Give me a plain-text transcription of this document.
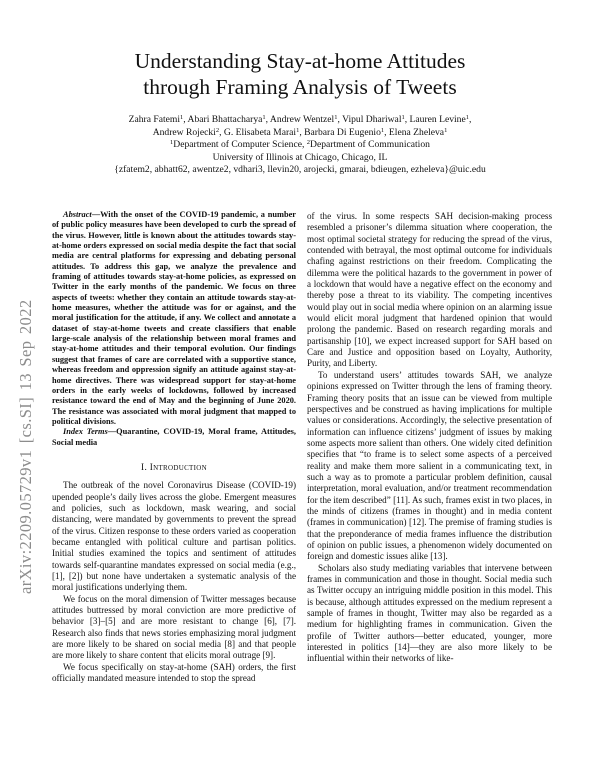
Understanding Stay-at-home Attitudes
through Framing Analysis of Tweets
Zahra Fatemi$^1$, Abari Bhattacharya$^1$, Andrew Wentzel$^1$, Vipul Dhariwal$^1$, Lauren Levine$^1$,
Andrew Rojecki$^2$, G. Elisabeta Marai$^1$, Barbara Di Eugenio$^1$, Elena Zheleva$^1$
$^1$Department of Computer Science, $^2$Department of Communication
University of Illinois at Chicago, Chicago, IL
{zfatem2, abhatt62, awentze2, vdhari3, llevin20, arojecki, gmarai, bdieugen, ezheleva}@uic.edu
arXiv:2209.05729v1 [cs.SI] 13 Sep 2022

Abstract—With the onset of the COVID-19 pandemic, a number of public policy measures have been developed to curb the spread of the virus. However, little is known about the attitudes towards stay-at-home orders expressed on social media despite the fact that social media are central platforms for expressing and debating personal attitudes. To address this gap, we analyze the prevalence and framing of attitudes towards stay-at-home policies, as expressed on Twitter in the early months of the pandemic. We focus on three aspects of tweets: whether they contain an attitude towards stay-at-home measures, whether the attitude was for or against, and the moral justification for the attitude, if any. We collect and annotate a dataset of stay-at-home tweets and create classifiers that enable large-scale analysis of the relationship between moral frames and stay-at-home attitudes and their temporal evolution. Our findings suggest that frames of care are correlated with a supportive stance, whereas freedom and oppression signify an attitude against stay-at-home directives. There was widespread support for stay-at-home orders in the early weeks of lockdowns, followed by increased resistance toward the end of May and the beginning of June 2020. The resistance was associated with moral judgment that mapped to political divisions.

Index Terms—Quarantine, COVID-19, Moral frame, Attitudes, Social media

I. Introduction

The outbreak of the novel Coronavirus Disease (COVID-19) upended people’s daily lives across the globe. Emergent measures and policies, such as lockdown, mask wearing, and social distancing, were mandated by governments to prevent the spread of the virus. Citizen response to these orders varied as cooperation became entangled with political culture and partisan politics. Initial studies examined the topics and sentiment of attitudes towards self-quarantine mandates expressed on social media (e.g., [1], [2]) but none have undertaken a systematic analysis of the moral justifications underlying them.

We focus on the moral dimension of Twitter messages because attitudes buttressed by moral conviction are more predictive of behavior [3]–[5] and are more resistant to change [6], [7]. Research also finds that news stories emphasizing moral judgment are more likely to be shared on social media [8] and that people are more likely to share content that elicits moral outrage [9].

We focus specifically on stay-at-home (SAH) orders, the first officially mandated measure intended to stop the spread

of the virus. In some respects SAH decision-making process resembled a prisoner’s dilemma situation where cooperation, the most optimal societal strategy for reducing the spread of the virus, contended with betrayal, the most optimal outcome for individuals chafing against restrictions on their freedom. Complicating the dilemma were the political hazards to the government in power of a lockdown that would have a negative effect on the economy and thereby pose a threat to its viability. The competing incentives would play out in social media where opinion on an alarming issue would elicit moral judgment that hardened opinion that would prolong the pandemic. Based on research regarding morals and partisanship [10], we expect increased support for SAH based on Care and Justice and opposition based on Loyalty, Authority, Purity, and Liberty.

To understand users’ attitudes towards SAH, we analyze opinions expressed on Twitter through the lens of framing theory. Framing theory posits that an issue can be viewed from multiple perspectives and be construed as having implications for multiple values or considerations. Accordingly, the selective presentation of information can influence citizens’ judgment of issues by making some aspects more salient than others. One widely cited definition specifies that “to frame is to select some aspects of a perceived reality and make them more salient in a communicating text, in such a way as to promote a particular problem definition, causal interpretation, moral evaluation, and/or treatment recommendation for the item described” [11]. As such, frames exist in two places, in the minds of citizens (frames in thought) and in media content (frames in communication) [12]. The premise of framing studies is that the preponderance of media frames influence the distribution of opinion on public issues, a phenomenon widely documented on foreign and domestic issues alike [13].

Scholars also study mediating variables that intervene between frames in communication and those in thought. Social media such as Twitter occupy an intriguing middle position in this model. This is because, although attitudes expressed on the medium represent a sample of frames in thought, Twitter may also be regarded as a medium for highlighting frames in communication. Given the profile of Twitter authors—better educated, younger, more interested in politics [14]—they are also more likely to be influential within their networks of like-
